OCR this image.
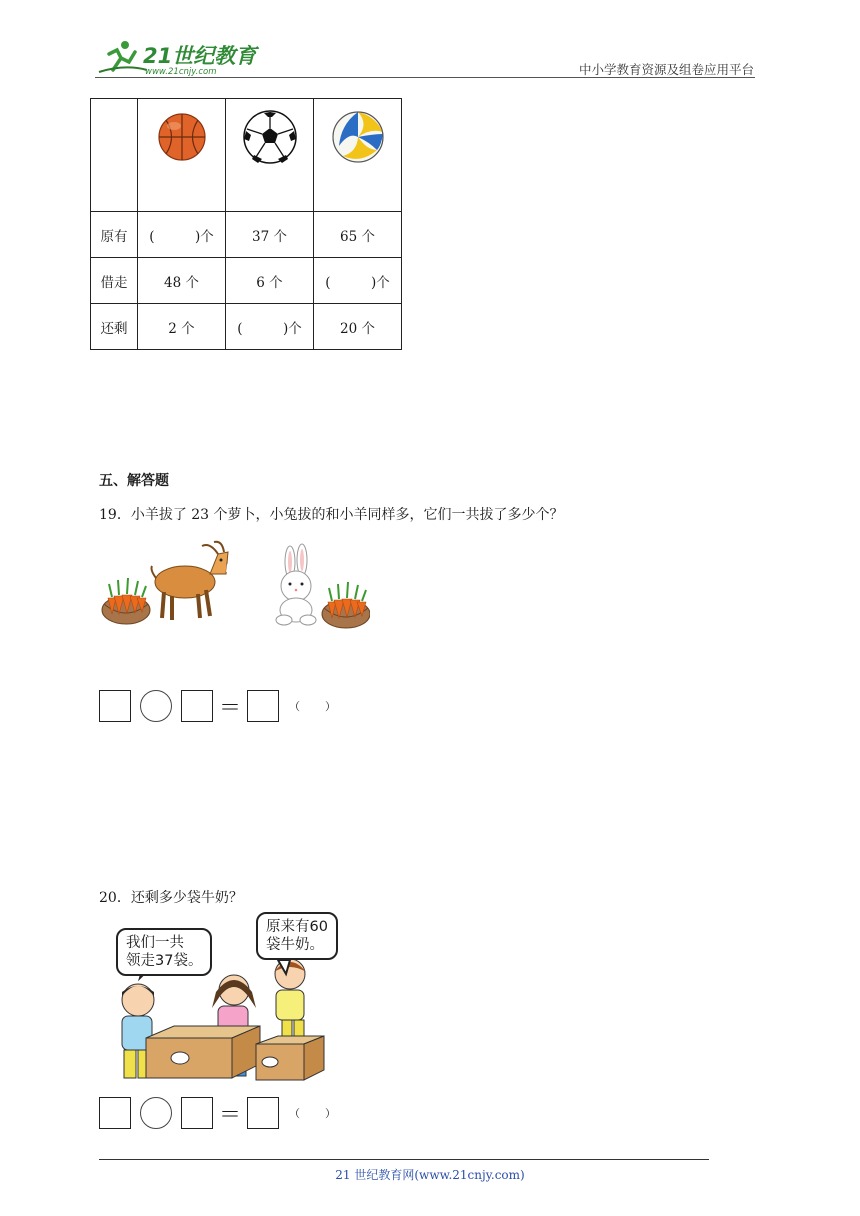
21世纪教育
www.21cnjy.com	中小学教育资源及组卷应用平台

原有	(　　　)个	37 个	65 个
借走	48 个	6 个	(　　　)个
还剩	2 个	(　　　)个	20 个
五、解答题
19．小羊拔了 23 个萝卜，小兔拔的和小羊同样多，它们一共拔了多少个？
＝	（　　）
20．还剩多少袋牛奶？
我们一共
领走37袋。
原来有60
袋牛奶。
＝	（　　）
21 世纪教育网(www.21cnjy.com)
